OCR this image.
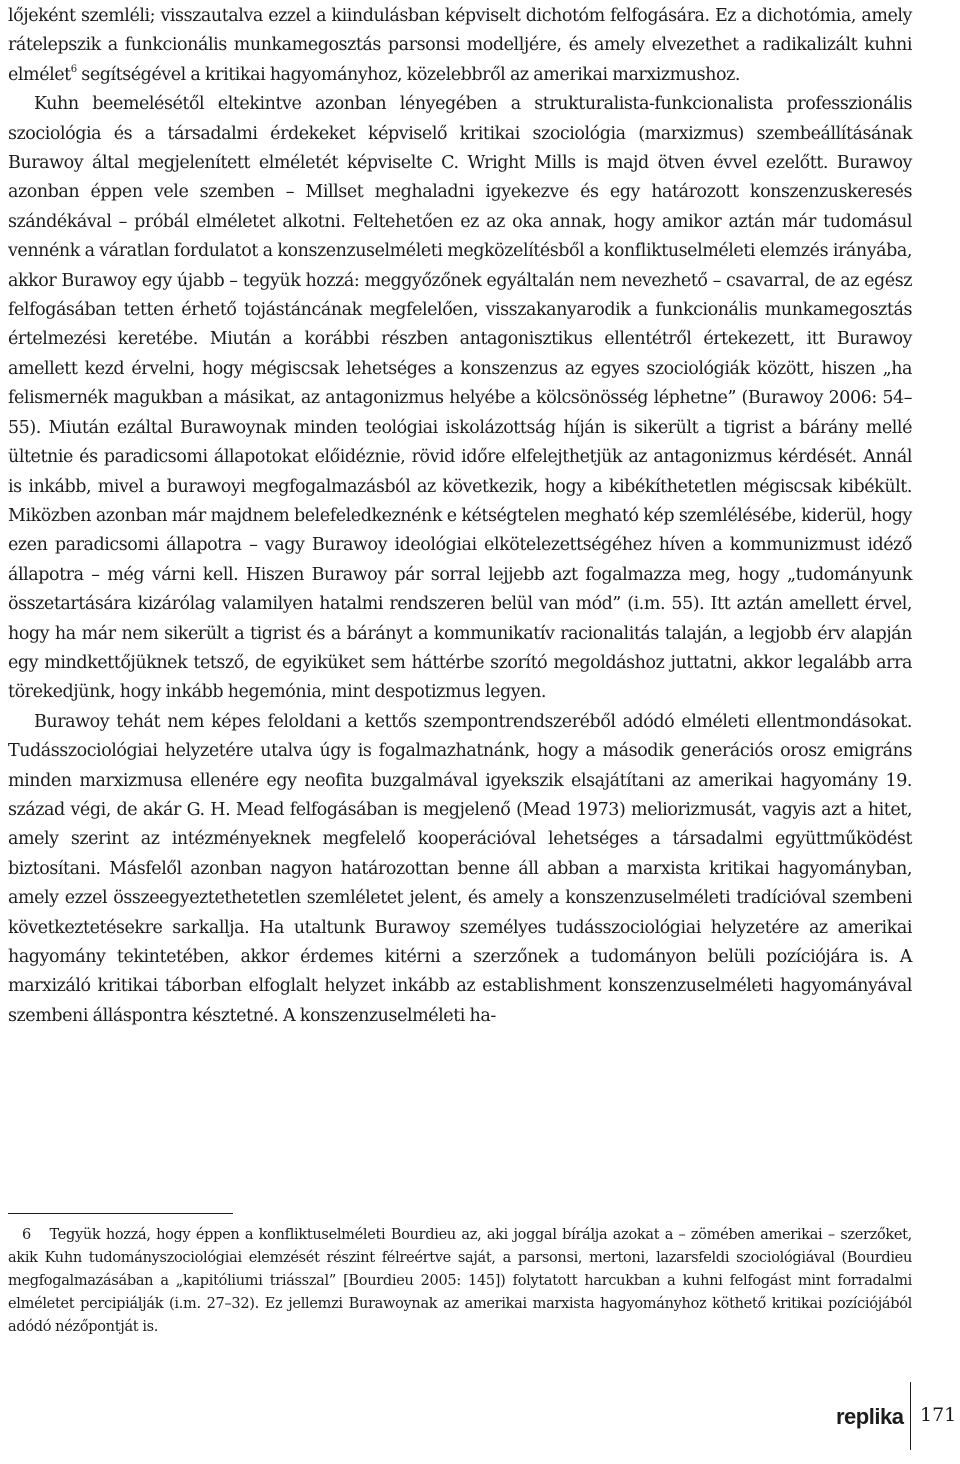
lőjeként szemléli; visszautalva ezzel a kiindulásban képviselt dichotóm felfogására. Ez a dichotómia, amely rátelepszik a funkcionális munkamegosztás parsonsi modelljére, és amely elvezethet a radikalizált kuhni elmélet$^6$ segítségével a kritikai hagyományhoz, közelebbről az amerikai marxizmushoz.

Kuhn beemelésétől eltekintve azonban lényegében a strukturalista-funkcionalista professzionális szociológia és a társadalmi érdekeket képviselő kritikai szociológia (marxizmus) szembeállításának Burawoy által megjelenített elméletét képviselte C. Wright Mills is majd ötven évvel ezelőtt. Burawoy azonban éppen vele szemben – Millset meghaladni igyekezve és egy határozott konszenzuskeresés szándékával – próbál elméletet alkotni. Feltehetően ez az oka annak, hogy amikor aztán már tudomásul vennénk a váratlan fordulatot a konszenzuselméleti megközelítésből a konfliktuselméleti elemzés irányába, akkor Burawoy egy újabb – tegyük hozzá: meggyőzőnek egyáltalán nem nevezhető – csavarral, de az egész felfogásában tetten érhető tojástáncának megfelelően, visszakanyarodik a funkcionális munkamegosztás értelmezési keretébe. Miután a korábbi részben antagonisztikus ellentétről értekezett, itt Burawoy amellett kezd érvelni, hogy mégiscsak lehetséges a konszenzus az egyes szociológiák között, hiszen „ha felismernék magukban a másikat, az antagonizmus helyébe a kölcsönösség léphetne” (Burawoy 2006: 54–55). Miután ezáltal Burawoynak minden teológiai iskolázottság híján is sikerült a tigrist a bárány mellé ültetnie és paradicsomi állapotokat előidéznie, rövid időre elfelejthetjük az antagonizmus kérdését. Annál is inkább, mivel a burawoyi megfogalmazásból az következik, hogy a kibékíthetetlen mégiscsak kibékült. Miközben azonban már majdnem belefeledkeznénk e kétségtelen megható kép szemlélésébe, kiderül, hogy ezen paradicsomi állapotra – vagy Burawoy ideológiai elkötelezettségéhez híven a kommunizmust idéző állapotra – még várni kell. Hiszen Burawoy pár sorral lejjebb azt fogalmazza meg, hogy „tudományunk összetartására kizárólag valamilyen hatalmi rendszeren belül van mód” (i.m. 55). Itt aztán amellett érvel, hogy ha már nem sikerült a tigrist és a bárányt a kommunikatív racionalitás talaján, a legjobb érv alapján egy mindkettőjüknek tetsző, de egyiküket sem háttérbe szorító megoldáshoz juttatni, akkor legalább arra törekedjünk, hogy inkább hegemónia, mint despotizmus legyen.

Burawoy tehát nem képes feloldani a kettős szempontrendszeréből adódó elméleti ellentmondásokat. Tudásszociológiai helyzetére utalva úgy is fogalmazhatnánk, hogy a második generációs orosz emigráns minden marxizmusa ellenére egy neofita buzgalmával igyekszik elsajátítani az amerikai hagyomány 19. század végi, de akár G. H. Mead felfogásában is megjelenő (Mead 1973) meliorizmusát, vagyis azt a hitet, amely szerint az intézményeknek megfelelő kooperációval lehetséges a társadalmi együttműködést biztosítani. Másfelől azonban nagyon határozottan benne áll abban a marxista kritikai hagyományban, amely ezzel összeegyeztethetetlen szemléletet jelent, és amely a konszenzuselméleti tradícióval szembeni következtetésekre sarkallja. Ha utaltunk Burawoy személyes tudásszociológiai helyzetére az amerikai hagyomány tekintetében, akkor érdemes kitérni a szerzőnek a tudományon belüli pozíciójára is. A marxizáló kritikai táborban elfoglalt helyzet inkább az establishment konszenzuselméleti hagyományával szembeni álláspontra késztetné. A konszenzuselméleti ha-

6 Tegyük hozzá, hogy éppen a konfliktuselméleti Bourdieu az, aki joggal bírálja azokat a – zömében amerikai – szerzőket, akik Kuhn tudományszociológiai elemzését részint félreértve saját, a parsonsi, mertoni, lazarsfeldi szociológiával (Bourdieu megfogalmazásában a „kapitóliumi triásszal” [Bourdieu 2005: 145]) folytatott harcukban a kuhni felfogást mint forradalmi elméletet percipiálják (i.m. 27–32). Ez jellemzi Burawoynak az amerikai marxista hagyományhoz köthető kritikai pozíciójából adódó nézőpontját is.

replika 171
